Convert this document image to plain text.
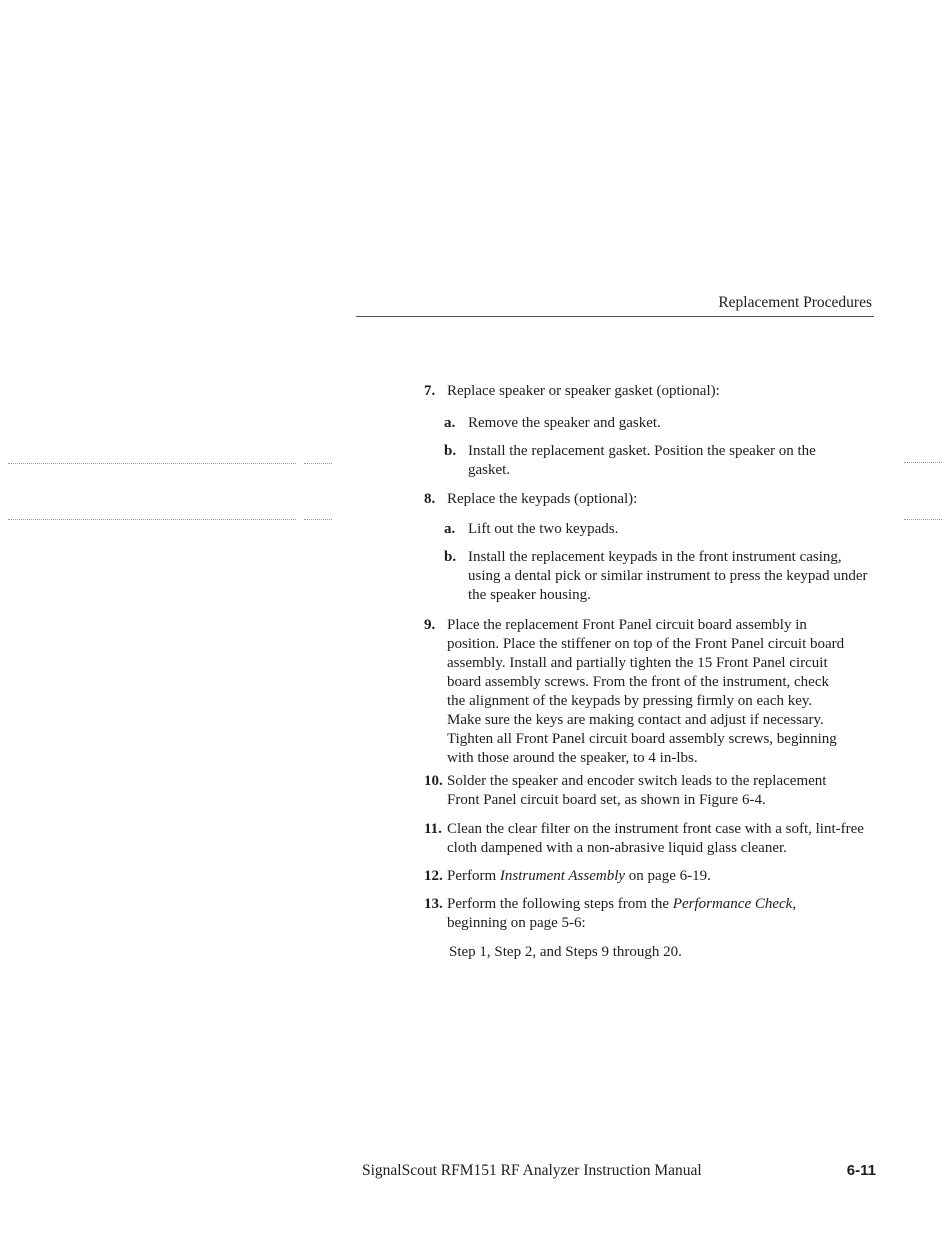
Replacement Procedures
7. Replace speaker or speaker gasket (optional):
a. Remove the speaker and gasket.
b. Install the replacement gasket. Position the speaker on the gasket.
8. Replace the keypads (optional):
a. Lift out the two keypads.
b. Install the replacement keypads in the front instrument casing, using a dental pick or similar instrument to press the keypad under the speaker housing.
9. Place the replacement Front Panel circuit board assembly in position. Place the stiffener on top of the Front Panel circuit board assembly. Install and partially tighten the 15 Front Panel circuit board assembly screws. From the front of the instrument, check the alignment of the keypads by pressing firmly on each key. Make sure the keys are making contact and adjust if necessary. Tighten all Front Panel circuit board assembly screws, beginning with those around the speaker, to 4 in-lbs.
10. Solder the speaker and encoder switch leads to the replacement Front Panel circuit board set, as shown in Figure 6-4.
11. Clean the clear filter on the instrument front case with a soft, lint-free cloth dampened with a non-abrasive liquid glass cleaner.
12. Perform Instrument Assembly on page 6-19.
13. Perform the following steps from the Performance Check, beginning on page 5-6:
Step 1, Step 2, and Steps 9 through 20.
SignalScout RFM151 RF Analyzer Instruction Manual	6-11
